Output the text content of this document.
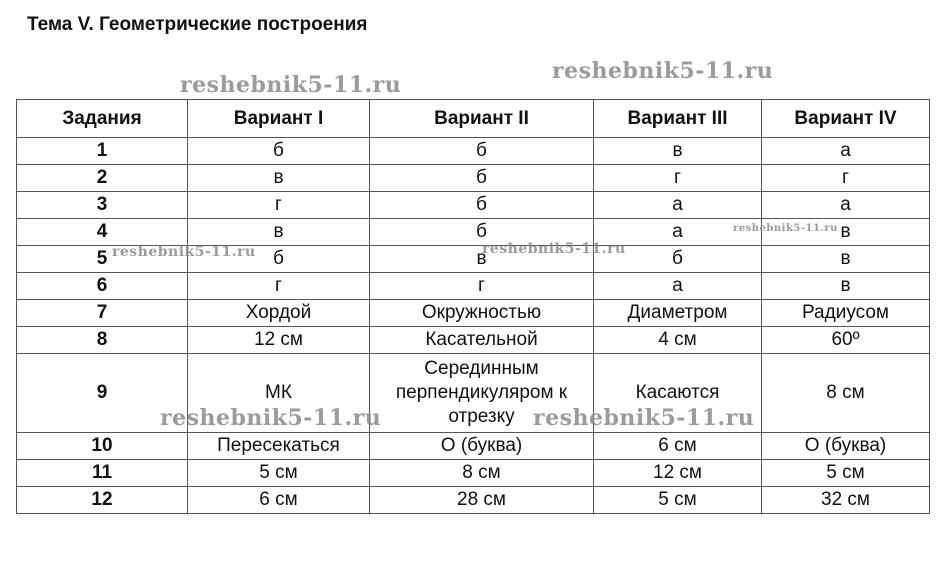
Тема V. Геометрические построения
Задания	Вариант I	Вариант II	Вариант III	Вариант IV
1	б	б	в	а
2	в	б	г	г
3	г	б	а	а
4	в	б	а	в
5	б	в	б	в
6	г	г	а	в
7	Хордой	Окружностью	Диаметром	Радиусом
8	12 см	Касательной	4 см	60º
9	МК	Серединным перпендикуляром к отрезку	Касаются	8 см
10	Пересекаться	О (буква)	6 см	О (буква)
11	5 см	8 см	12 см	5 см
12	6 см	28 см	5 см	32 см
reshebnik5-11.ru
reshebnik5-11.ru
reshebnik5-11.ru	reshebnik5-11.ru
reshebnik5-11.ru
reshebnik5-11.ru	reshebnik5-11.ru
